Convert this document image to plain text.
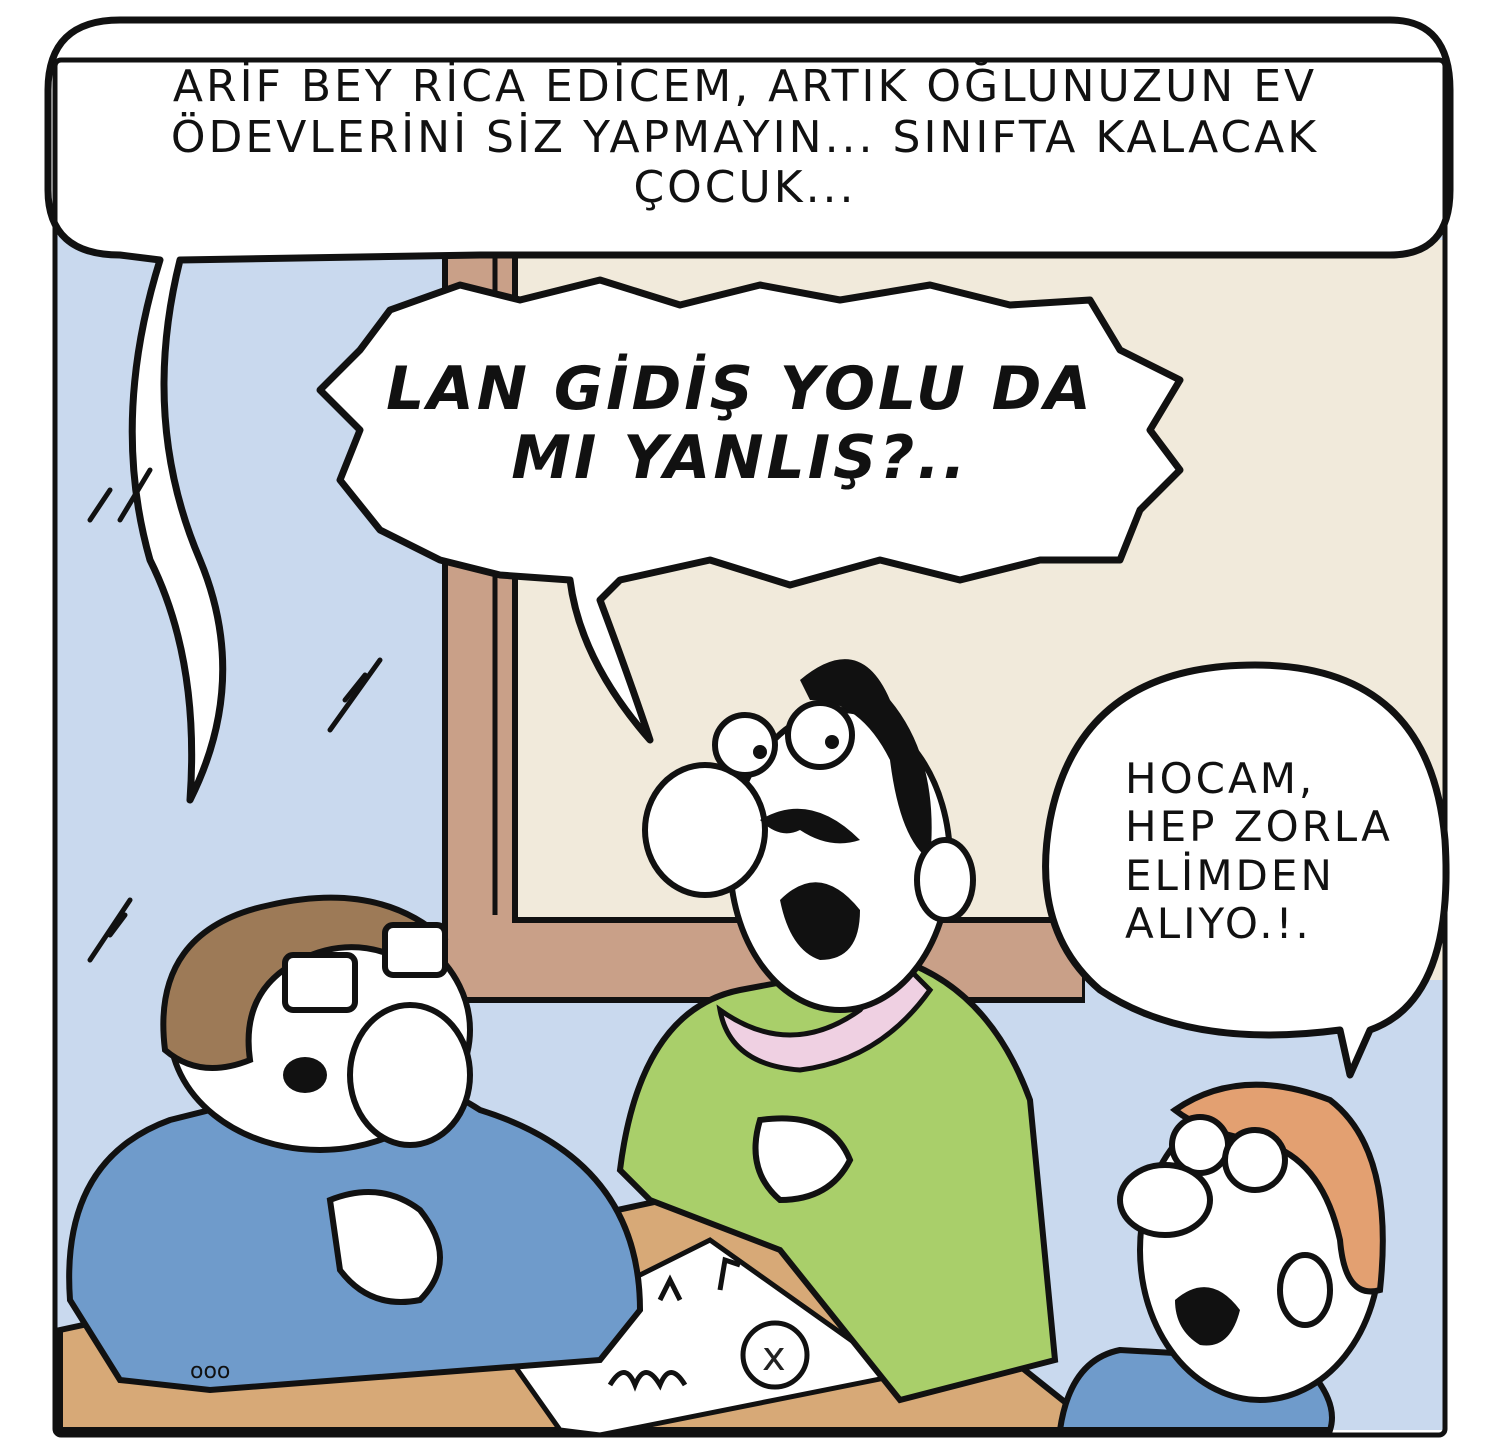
x
ooo
ARİF BEY RİCA EDİCEM, ARTIK OĞLUNUZUN EV
ÖDEVLERİNİ SİZ YAPMAYIN... SINIFTA KALACAK
ÇOCUK...
LAN GİDİŞ YOLU DA
MI YANLIŞ?..
HOCAM,
HEP ZORLA
ELİMDEN
ALIYO.!.
